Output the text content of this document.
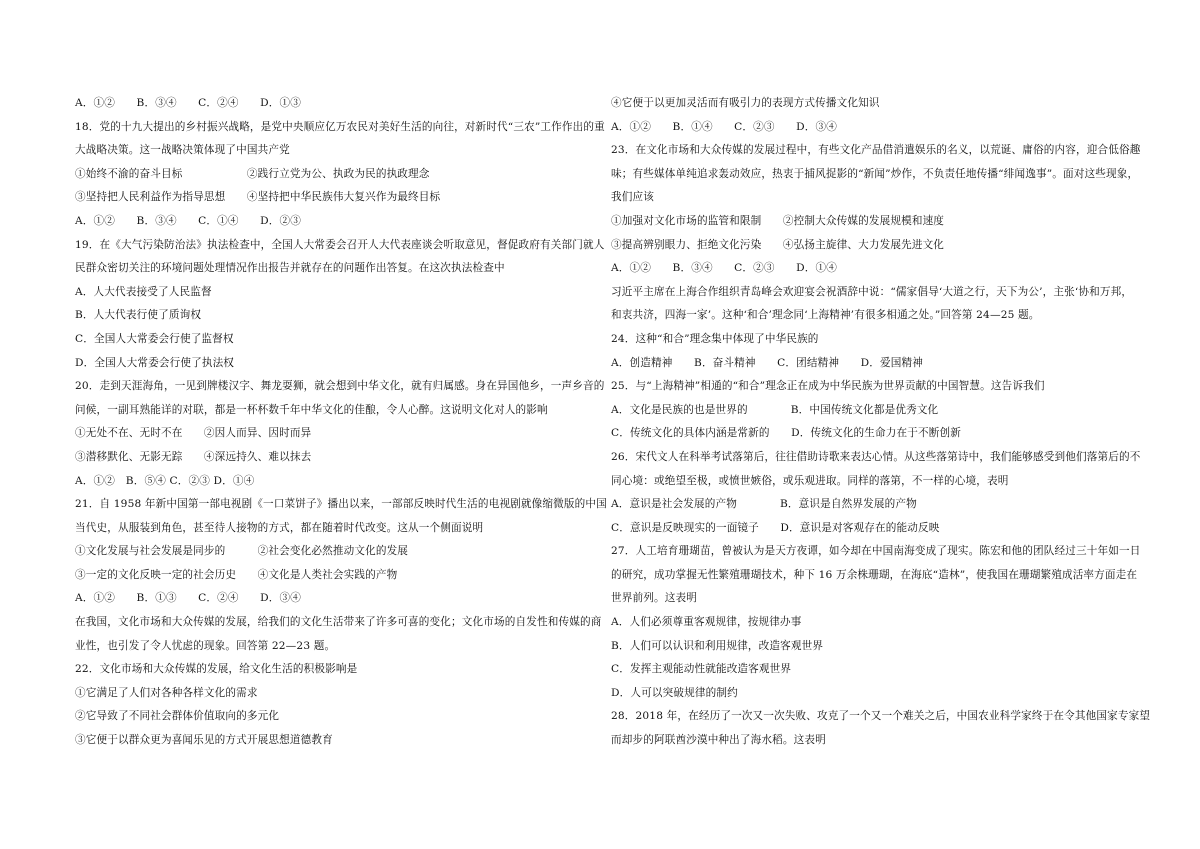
A．①②　　B．③④　　C．②④　　D．①③
18．党的十九大提出的乡村振兴战略，是党中央顺应亿万农民对美好生活的向往，对新时代“三农”工作作出的重
大战略决策。这一战略决策体现了中国共产党
①始终不渝的奋斗目标　　　　　　②践行立党为公、执政为民的执政理念
③坚持把人民利益作为指导思想　　④坚持把中华民族伟大复兴作为最终目标
A．①②　　B．③④　　C．①④　　D．②③
19．在《大气污染防治法》执法检查中，全国人大常委会召开人大代表座谈会听取意见，督促政府有关部门就人
民群众密切关注的环境问题处理情况作出报告并就存在的问题作出答复。在这次执法检查中
A．人大代表接受了人民监督
B．人大代表行使了质询权
C．全国人大常委会行使了监督权
D．全国人大常委会行使了执法权
20．走到天涯海角，一见到牌楼汉字、舞龙耍狮，就会想到中华文化，就有归属感。身在异国他乡，一声乡音的
问候，一副耳熟能详的对联，都是一杯杯数千年中华文化的佳酿，令人心醉。这说明文化对人的影响
①无处不在、无时不在　　②因人而异、因时而异
③潜移默化、无影无踪　　④深远持久、难以抹去
A．①②　B．⑤④ C．②③ D．①④
21．自 1958 年新中国第一部电视剧《一口菜饼子》播出以来，一部部反映时代生活的电视剧就像缩微版的中国
当代史，从服装到角色，甚至待人接物的方式，都在随着时代改变。这从一个侧面说明
①文化发展与社会发展是同步的　　　②社会变化必然推动文化的发展
③一定的文化反映一定的社会历史　　④文化是人类社会实践的产物
A．①②　　B．①③　　C．②④　　D．③④
在我国，文化市场和大众传媒的发展，给我们的文化生活带来了许多可喜的变化；文化市场的自发性和传媒的商
业性，也引发了令人忧虑的现象。回答第 22—23 题。
22．文化市场和大众传媒的发展，给文化生活的积极影响是
①它满足了人们对各种各样文化的需求
②它导致了不同社会群体价值取向的多元化
③它便于以群众更为喜闻乐见的方式开展思想道德教育
④它便于以更加灵活而有吸引力的表现方式传播文化知识
A．①②　　B．①④　　C．②③　　D．③④
23．在文化市场和大众传媒的发展过程中，有些文化产品借消遣娱乐的名义，以荒诞、庸俗的内容，迎合低俗趣
味；有些媒体单纯追求轰动效应，热衷于捕风捉影的“新闻”炒作，不负责任地传播“绯闻逸事”。面对这些现象，
我们应该
①加强对文化市场的监管和限制　　②控制大众传媒的发展规模和速度
③提高辨别眼力、拒绝文化污染　　④弘扬主旋律、大力发展先进文化
A．①②　　B．③④　　C．②③　　D．①④
习近平主席在上海合作组织青岛峰会欢迎宴会祝酒辞中说：“儒家倡导‘大道之行，天下为公’，主张‘协和万邦，
和衷共济，四海一家’。这种‘和合’理念同‘上海精神’有很多相通之处。”回答第 24—25 题。
24．这种“和合”理念集中体现了中华民族的
A．创造精神　　B．奋斗精神　　C．团结精神　　D．爱国精神
25．与“上海精神”相通的“和合”理念正在成为中华民族为世界贡献的中国智慧。这告诉我们
A．文化是民族的也是世界的　　　　B．中国传统文化都是优秀文化
C．传统文化的具体内涵是常新的　　D．传统文化的生命力在于不断创新
26．宋代文人在科举考试落第后，往往借助诗歌来表达心情。从这些落第诗中，我们能够感受到他们落第后的不
同心境：或绝望至极，或愤世嫉俗，或乐观进取。同样的落第，不一样的心境，表明
A．意识是社会发展的产物　　　　B．意识是自然界发展的产物
C．意识是反映现实的一面镜子　　D．意识是对客观存在的能动反映
27．人工培育珊瑚苗，曾被认为是天方夜谭，如今却在中国南海变成了现实。陈宏和他的团队经过三十年如一日
的研究，成功掌握无性繁殖珊瑚技术，种下 16 万余株珊瑚，在海底“造林”，使我国在珊瑚繁殖成活率方面走在
世界前列。这表明
A．人们必须尊重客观规律，按规律办事
B．人们可以认识和利用规律，改造客观世界
C．发挥主观能动性就能改造客观世界
D．人可以突破规律的制约
28．2018 年，在经历了一次又一次失败、攻克了一个又一个难关之后，中国农业科学家终于在令其他国家专家望
而却步的阿联酋沙漠中种出了海水稻。这表明
